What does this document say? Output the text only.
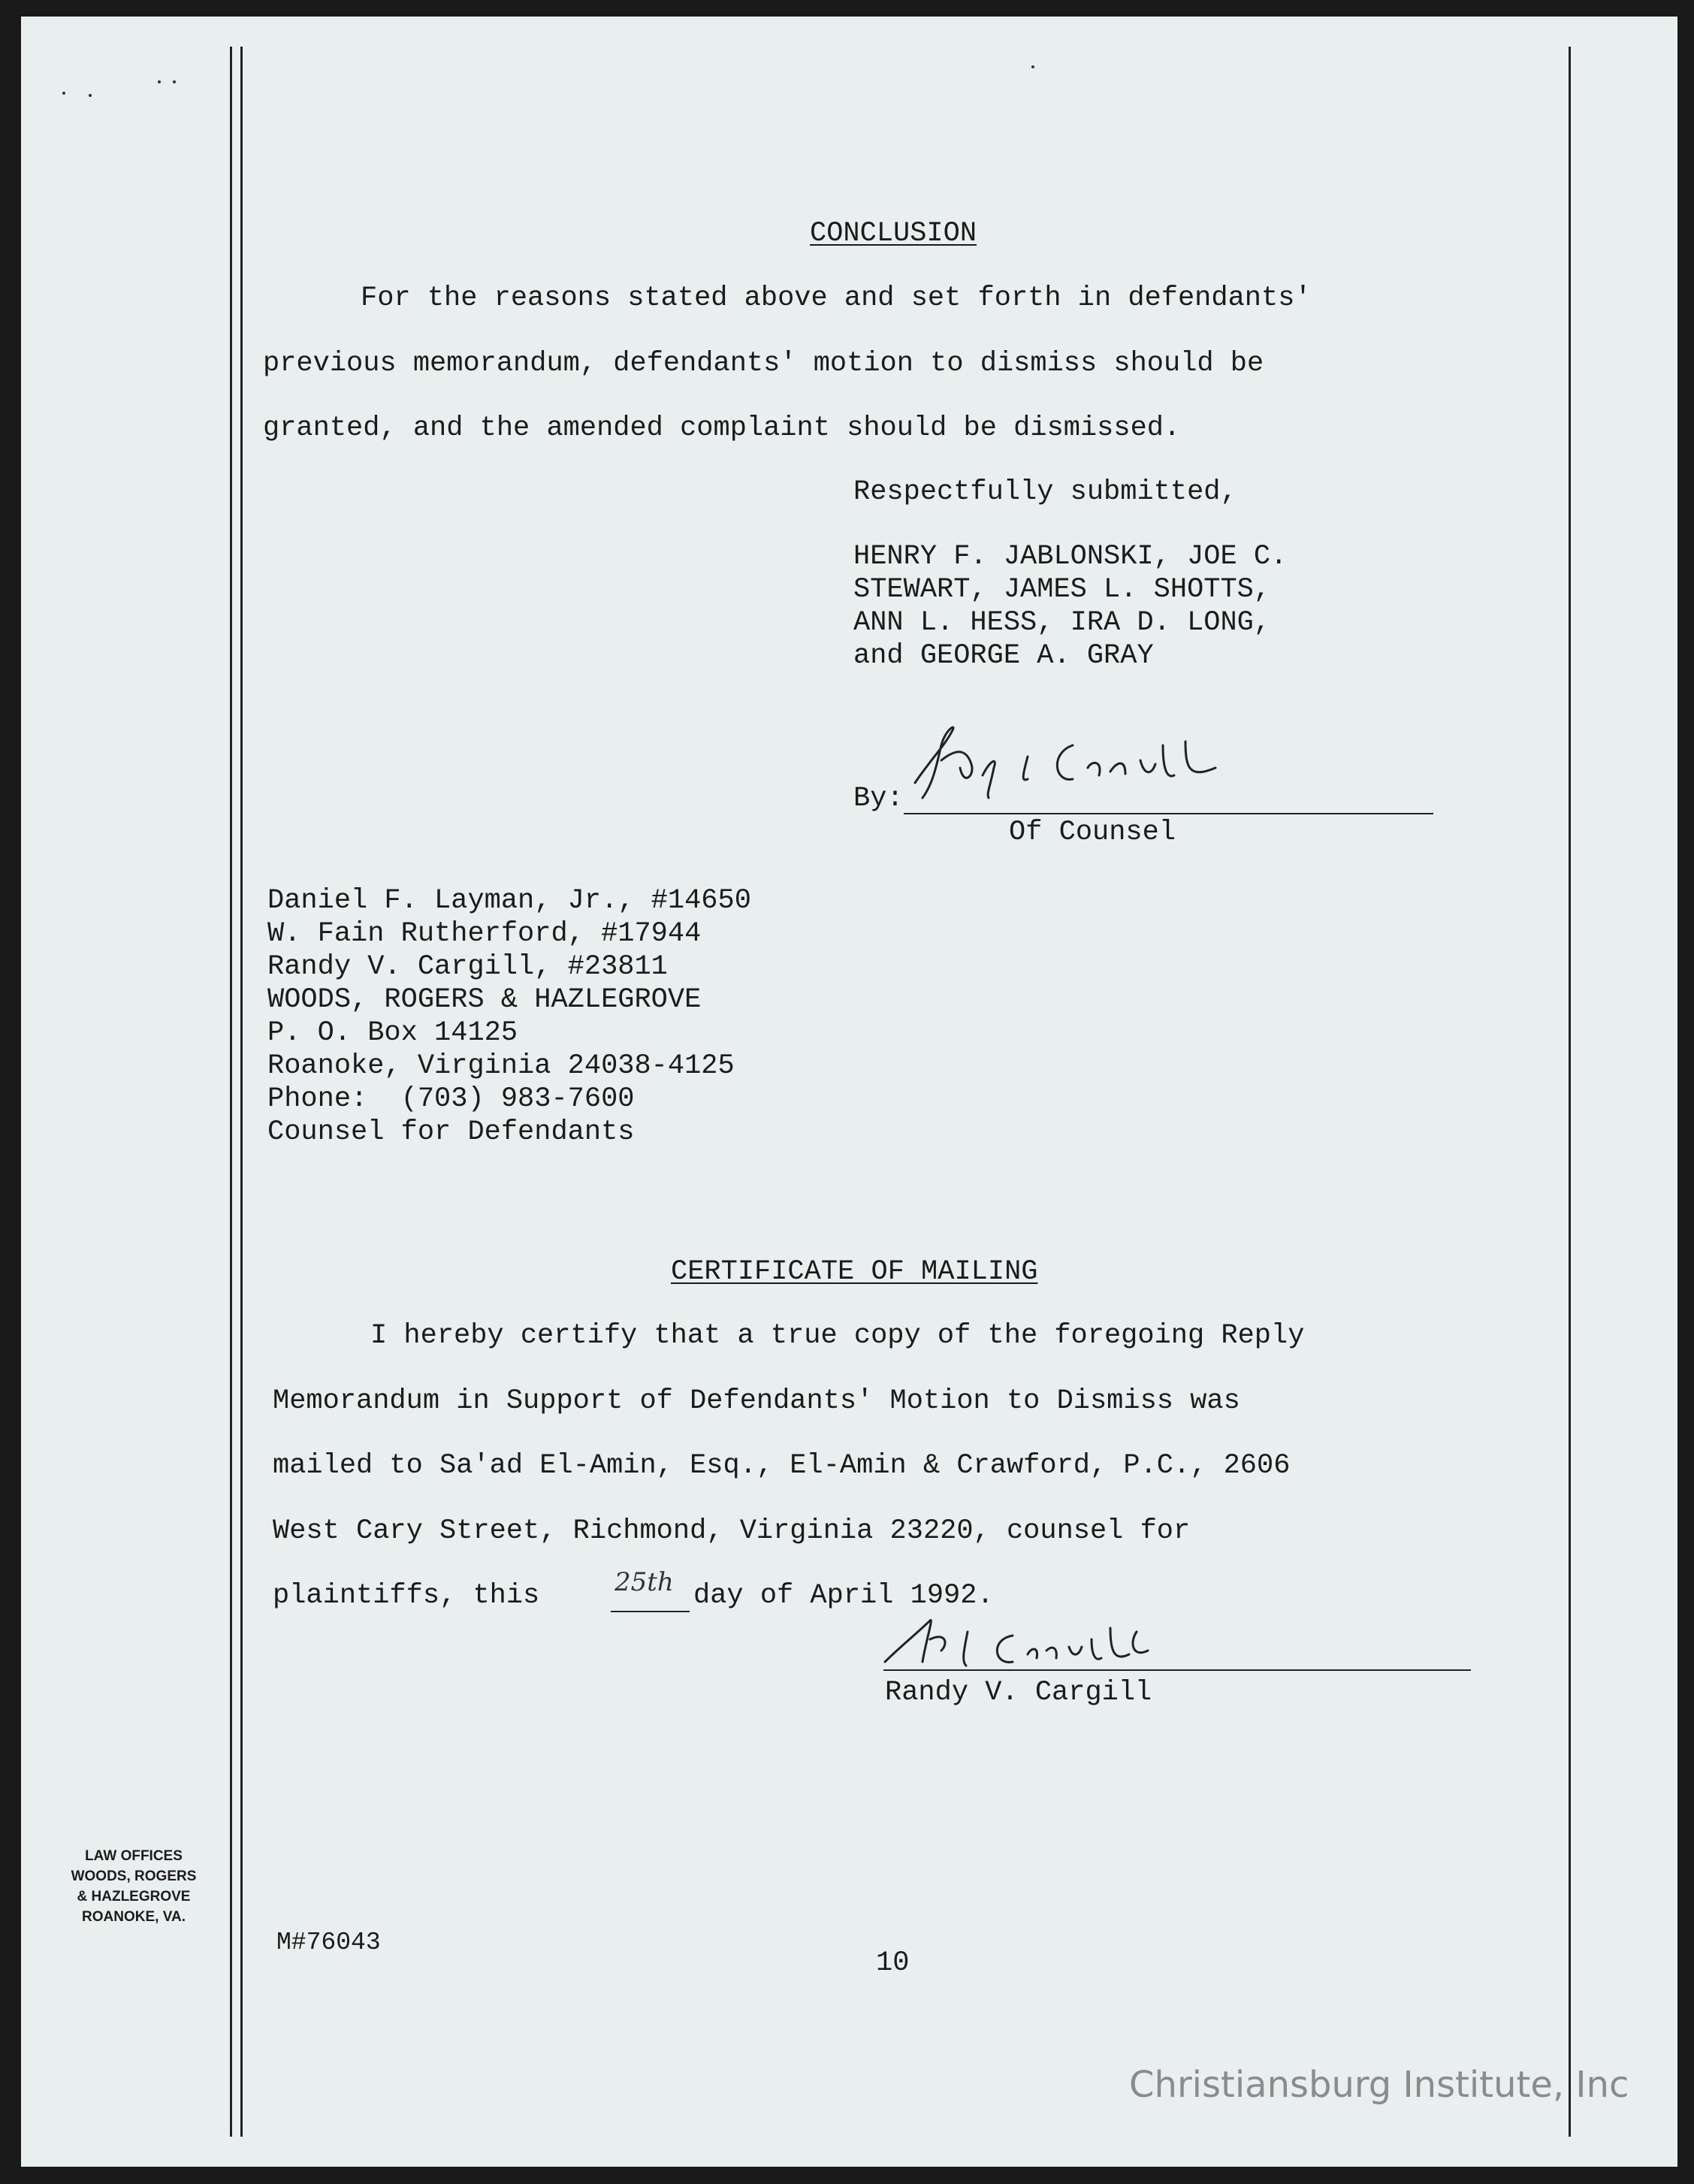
CONCLUSION
For the reasons stated above and set forth in defendants'
previous memorandum, defendants' motion to dismiss should be
granted, and the amended complaint should be dismissed.
Respectfully submitted,
HENRY F. JABLONSKI, JOE C.
STEWART, JAMES L. SHOTTS,
ANN L. HESS, IRA D. LONG,
and GEORGE A. GRAY
By:
Of Counsel
Daniel F. Layman, Jr., #14650
W. Fain Rutherford, #17944
Randy V. Cargill, #23811
WOODS, ROGERS & HAZLEGROVE
P. O. Box 14125
Roanoke, Virginia 24038-4125
Phone:  (703) 983-7600
Counsel for Defendants
CERTIFICATE OF MAILING
I hereby certify that a true copy of the foregoing Reply
Memorandum in Support of Defendants' Motion to Dismiss was
mailed to Sa'ad El-Amin, Esq., El-Amin & Crawford, P.C., 2606
West Cary Street, Richmond, Virginia 23220, counsel for
plaintiffs, this	25th day of April 1992.
Randy V. Cargill
LAW OFFICES
WOODS, ROGERS
& HAZLEGROVE
ROANOKE, VA.
M#76043
10
Christiansburg Institute, Inc
